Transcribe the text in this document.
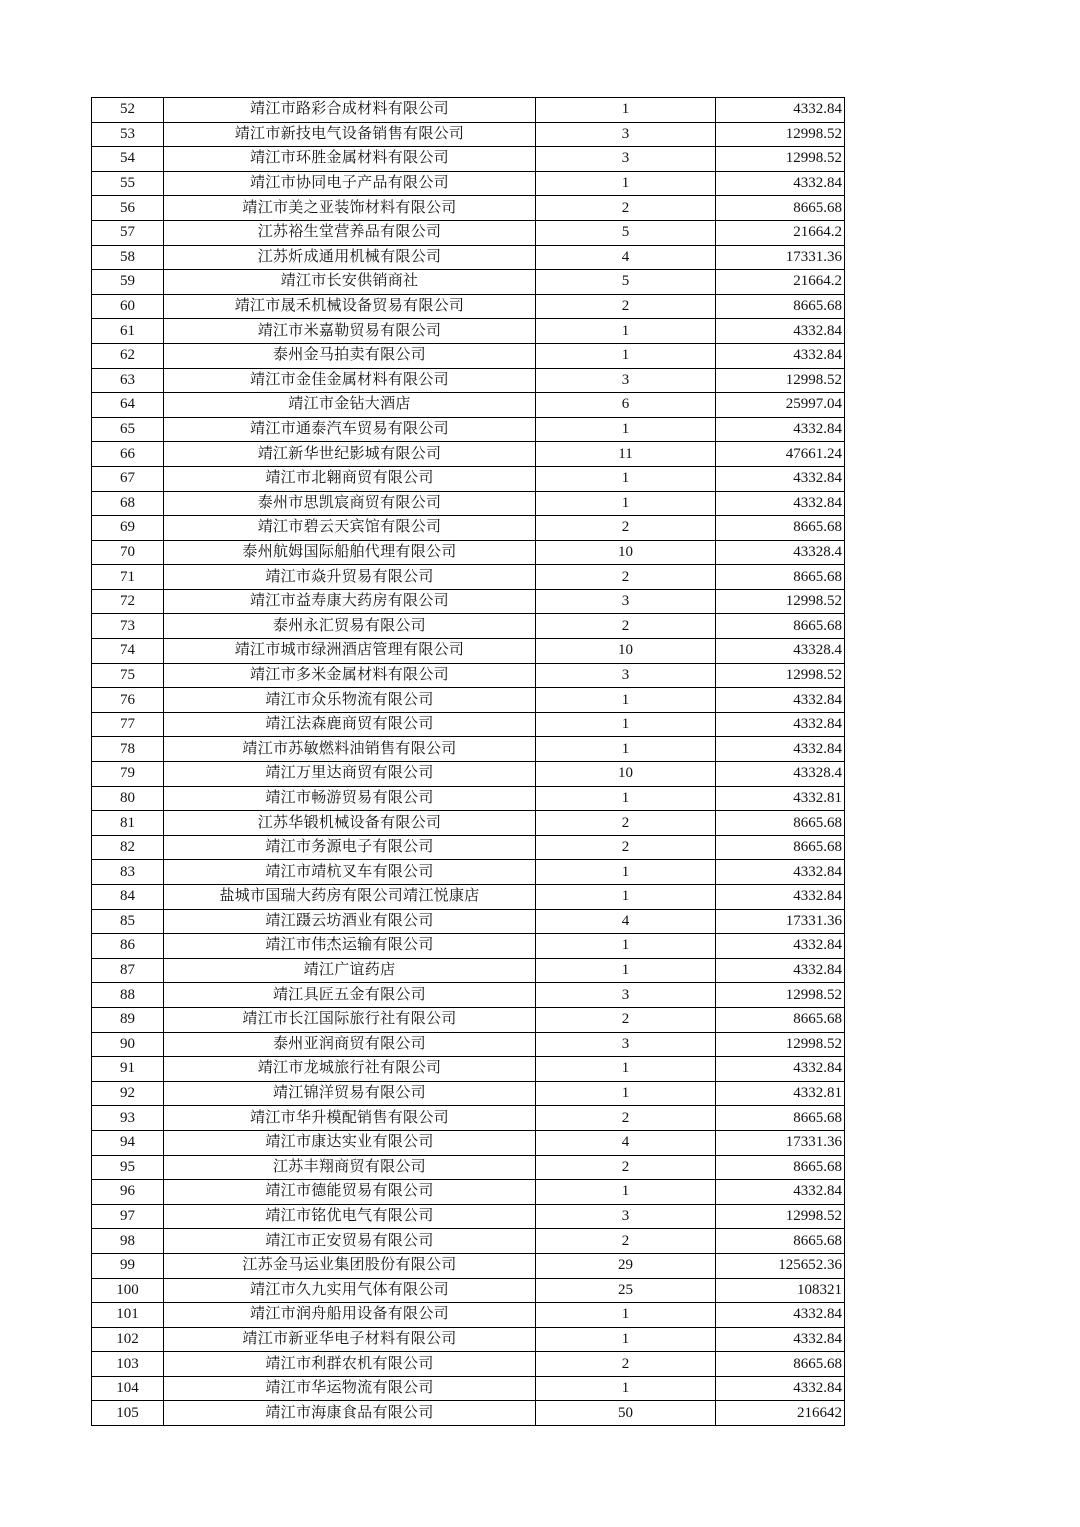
52	靖江市路彩合成材料有限公司	1	4332.84
53	靖江市新技电气设备销售有限公司	3	12998.52
54	靖江市环胜金属材料有限公司	3	12998.52
55	靖江市协同电子产品有限公司	1	4332.84
56	靖江市美之亚装饰材料有限公司	2	8665.68
57	江苏裕生堂营养品有限公司	5	21664.2
58	江苏炘成通用机械有限公司	4	17331.36
59	靖江市长安供销商社	5	21664.2
60	靖江市晟禾机械设备贸易有限公司	2	8665.68
61	靖江市米嘉勒贸易有限公司	1	4332.84
62	泰州金马拍卖有限公司	1	4332.84
63	靖江市金佳金属材料有限公司	3	12998.52
64	靖江市金钻大酒店	6	25997.04
65	靖江市通泰汽车贸易有限公司	1	4332.84
66	靖江新华世纪影城有限公司	11	47661.24
67	靖江市北翱商贸有限公司	1	4332.84
68	泰州市思凯宸商贸有限公司	1	4332.84
69	靖江市碧云天宾馆有限公司	2	8665.68
70	泰州航姆国际船舶代理有限公司	10	43328.4
71	靖江市焱升贸易有限公司	2	8665.68
72	靖江市益寿康大药房有限公司	3	12998.52
73	泰州永汇贸易有限公司	2	8665.68
74	靖江市城市绿洲酒店管理有限公司	10	43328.4
75	靖江市多米金属材料有限公司	3	12998.52
76	靖江市众乐物流有限公司	1	4332.84
77	靖江法森鹿商贸有限公司	1	4332.84
78	靖江市苏敏燃料油销售有限公司	1	4332.84
79	靖江万里达商贸有限公司	10	43328.4
80	靖江市畅游贸易有限公司	1	4332.81
81	江苏华锻机械设备有限公司	2	8665.68
82	靖江市务源电子有限公司	2	8665.68
83	靖江市靖杭叉车有限公司	1	4332.84
84	盐城市国瑞大药房有限公司靖江悦康店	1	4332.84
85	靖江蹑云坊酒业有限公司	4	17331.36
86	靖江市伟杰运输有限公司	1	4332.84
87	靖江广谊药店	1	4332.84
88	靖江具匠五金有限公司	3	12998.52
89	靖江市长江国际旅行社有限公司	2	8665.68
90	泰州亚润商贸有限公司	3	12998.52
91	靖江市龙城旅行社有限公司	1	4332.84
92	靖江锦洋贸易有限公司	1	4332.81
93	靖江市华升模配销售有限公司	2	8665.68
94	靖江市康达实业有限公司	4	17331.36
95	江苏丰翔商贸有限公司	2	8665.68
96	靖江市德能贸易有限公司	1	4332.84
97	靖江市铭优电气有限公司	3	12998.52
98	靖江市正安贸易有限公司	2	8665.68
99	江苏金马运业集团股份有限公司	29	125652.36
100	靖江市久九实用气体有限公司	25	108321
101	靖江市润舟船用设备有限公司	1	4332.84
102	靖江市新亚华电子材料有限公司	1	4332.84
103	靖江市利群农机有限公司	2	8665.68
104	靖江市华运物流有限公司	1	4332.84
105	靖江市海康食品有限公司	50	216642
